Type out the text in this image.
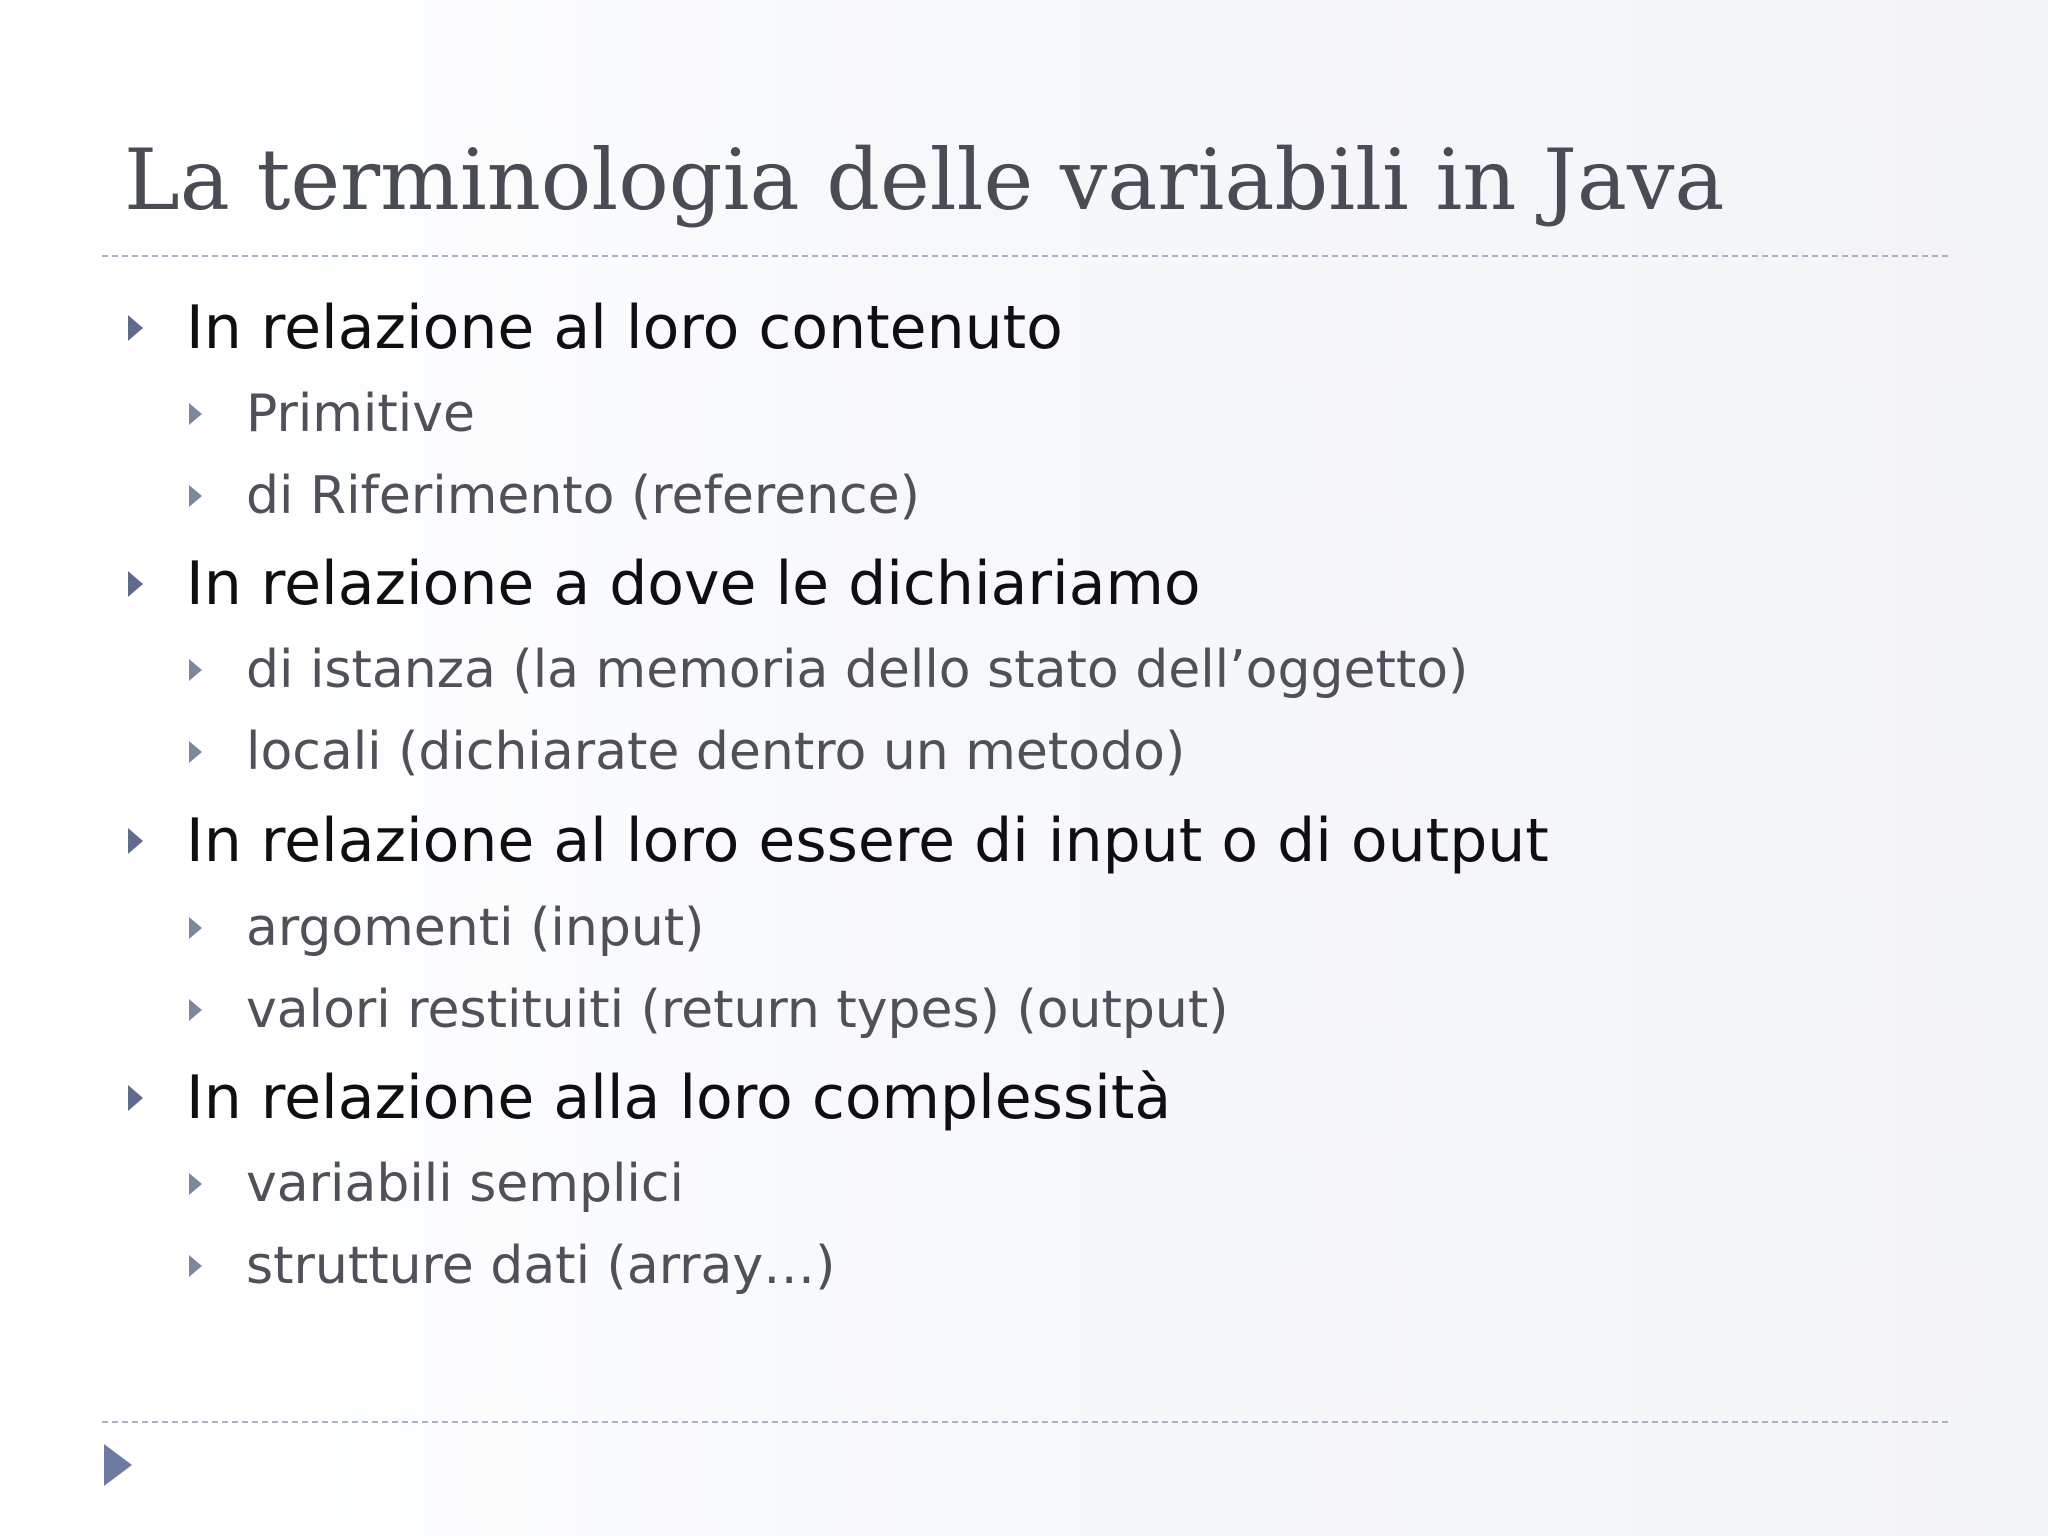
La terminologia delle variabili in Java
In relazione al loro contenuto
Primitive
di Riferimento (reference)
In relazione a dove le dichiariamo
di istanza (la memoria dello stato dell’oggetto)
locali (dichiarate dentro un metodo)
In relazione al loro essere di input o di output
argomenti (input)
valori restituiti (return types) (output)
In relazione alla loro complessità
variabili semplici
strutture dati (array…)
